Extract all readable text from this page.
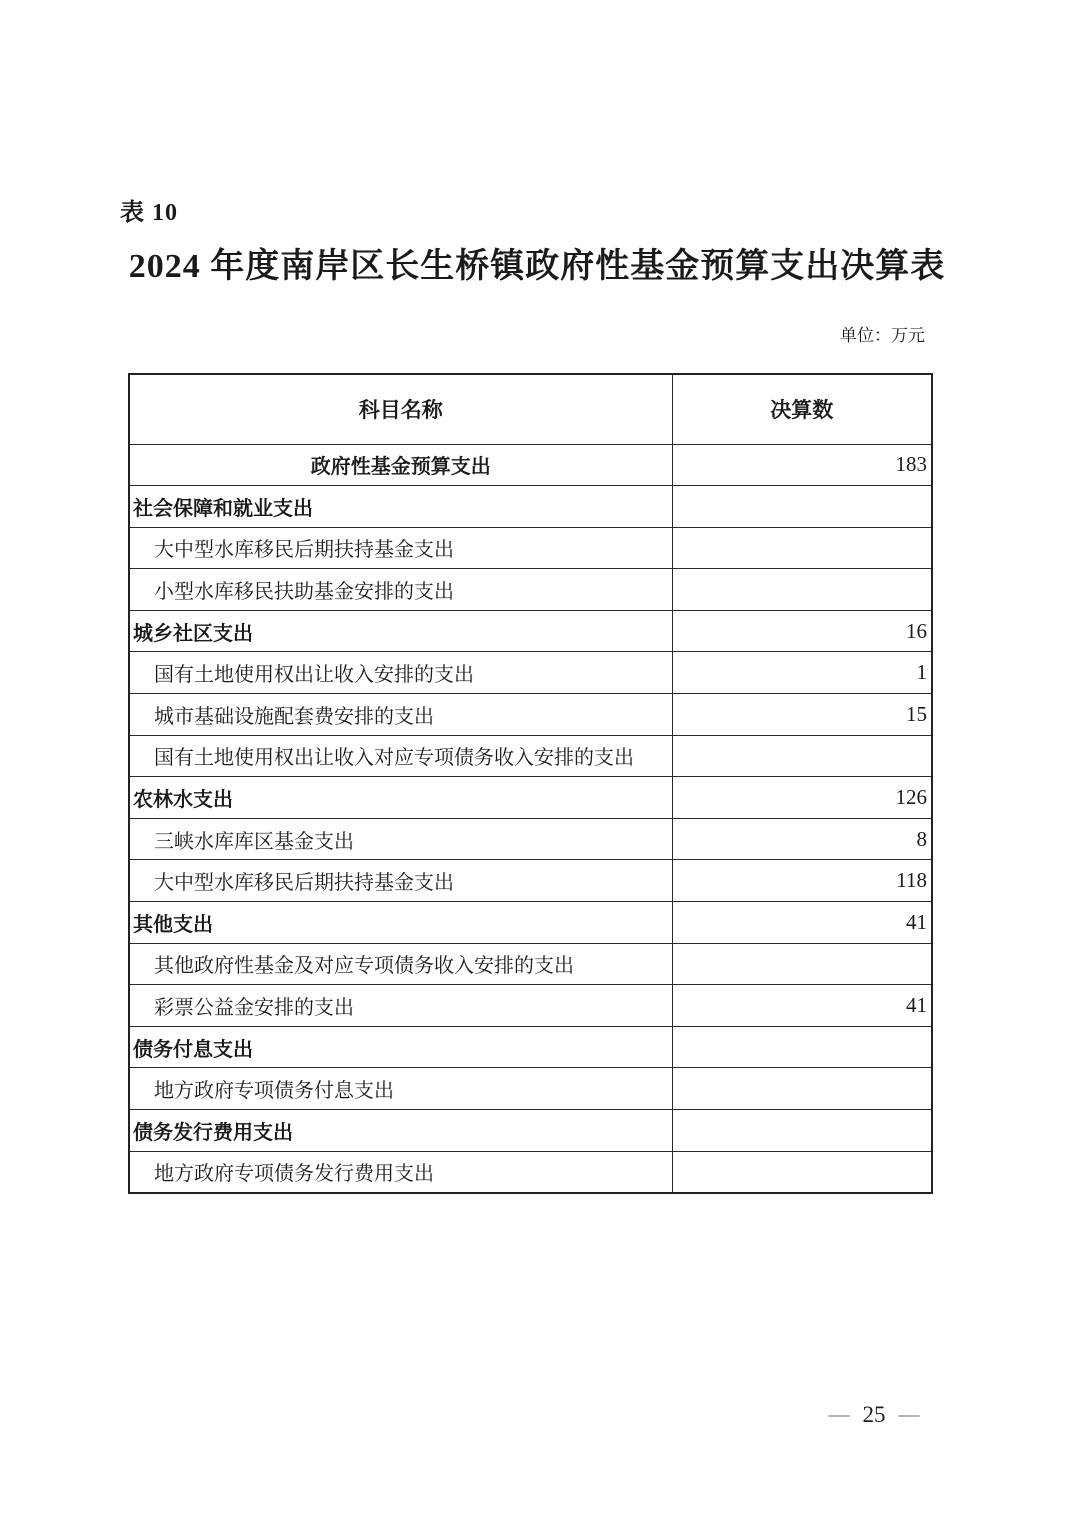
表 10
2024 年度南岸区长生桥镇政府性基金预算支出决算表
单位：万元
科目名称	决算数
政府性基金预算支出	183
社会保障和就业支出	
大中型水库移民后期扶持基金支出	
小型水库移民扶助基金安排的支出	
城乡社区支出	16
国有土地使用权出让收入安排的支出	1
城市基础设施配套费安排的支出	15
国有土地使用权出让收入对应专项债务收入安排的支出	
农林水支出	126
三峡水库库区基金支出	8
大中型水库移民后期扶持基金支出	118
其他支出	41
其他政府性基金及对应专项债务收入安排的支出	
彩票公益金安排的支出	41
债务付息支出	
地方政府专项债务付息支出	
债务发行费用支出	
地方政府专项债务发行费用支出	
— 25 —
